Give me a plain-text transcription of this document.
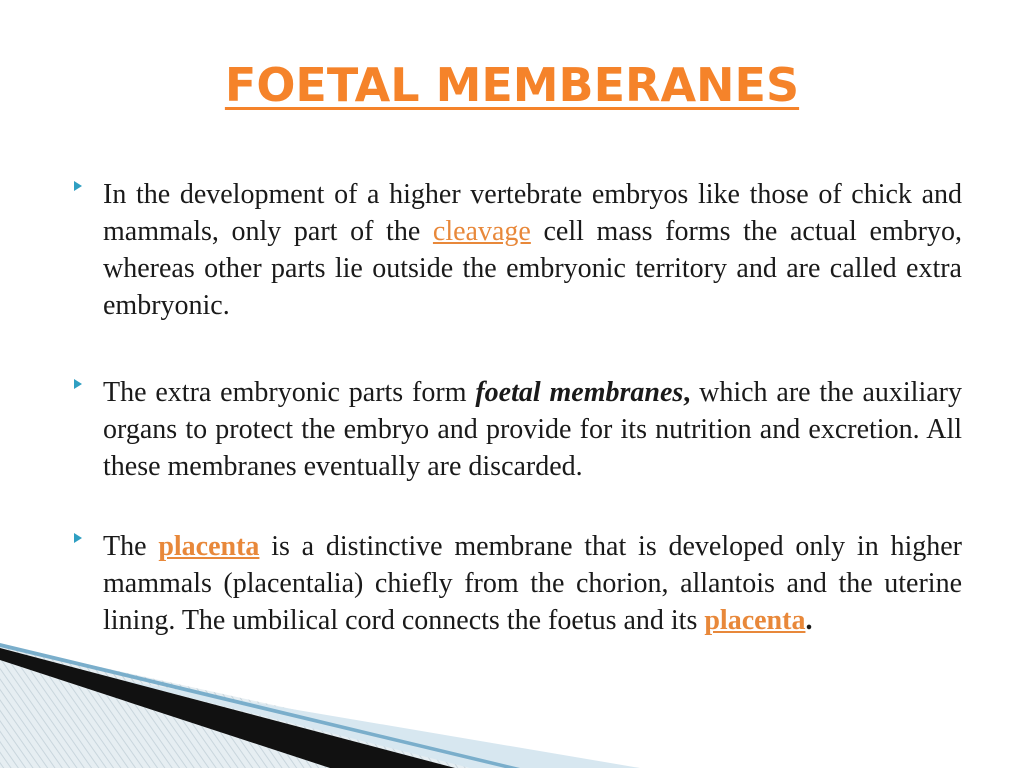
FOETAL MEMBERANES
In the development of a higher vertebrate embryos like those of chick and mammals, only part of the cleavage cell mass forms the actual embryo, whereas other parts lie outside the embryonic territory and are called extra embryonic.
The extra embryonic parts form foetal membranes, which are the auxiliary organs to protect the embryo and provide for its nutrition and excretion. All these membranes eventually are discarded.
The placenta is a distinctive membrane that is developed only in higher mammals (placentalia) chiefly from the chorion, allantois and the uterine lining. The umbilical cord connects the foetus and its placenta.
